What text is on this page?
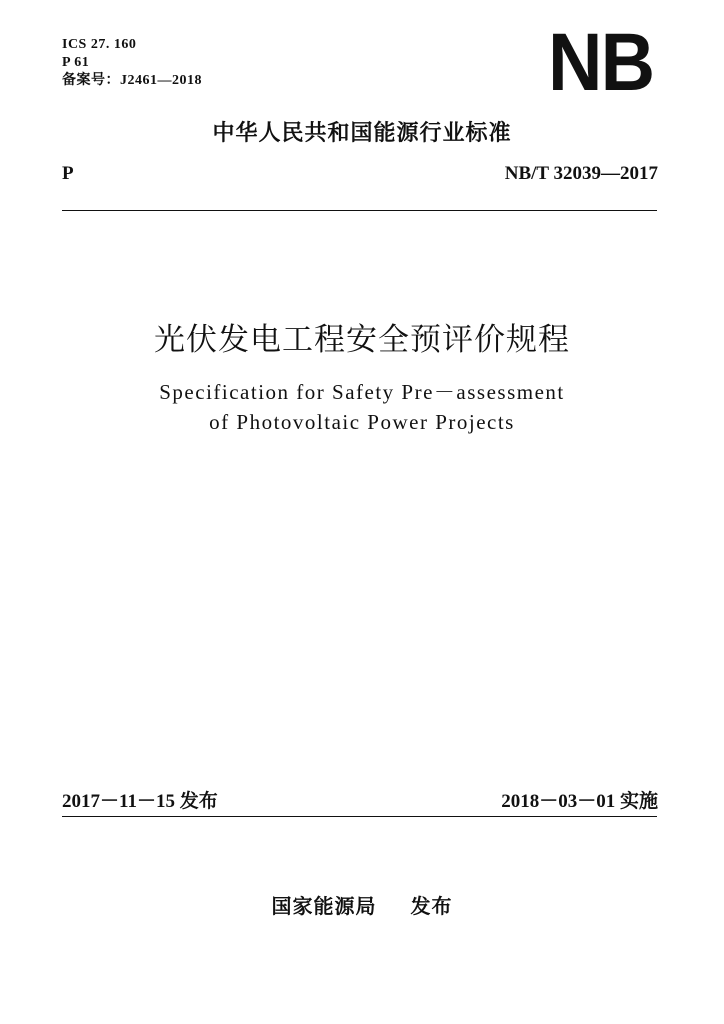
ICS 27. 160
P 61
备案号：J2461—2018	NB
中华人民共和国能源行业标准
P	NB/T 32039—2017
光伏发电工程安全预评价规程
Specification for Safety Pre－assessment
of Photovoltaic Power Projects
2017－11－15 发布	2018－03－01 实施
国家能源局 发布
